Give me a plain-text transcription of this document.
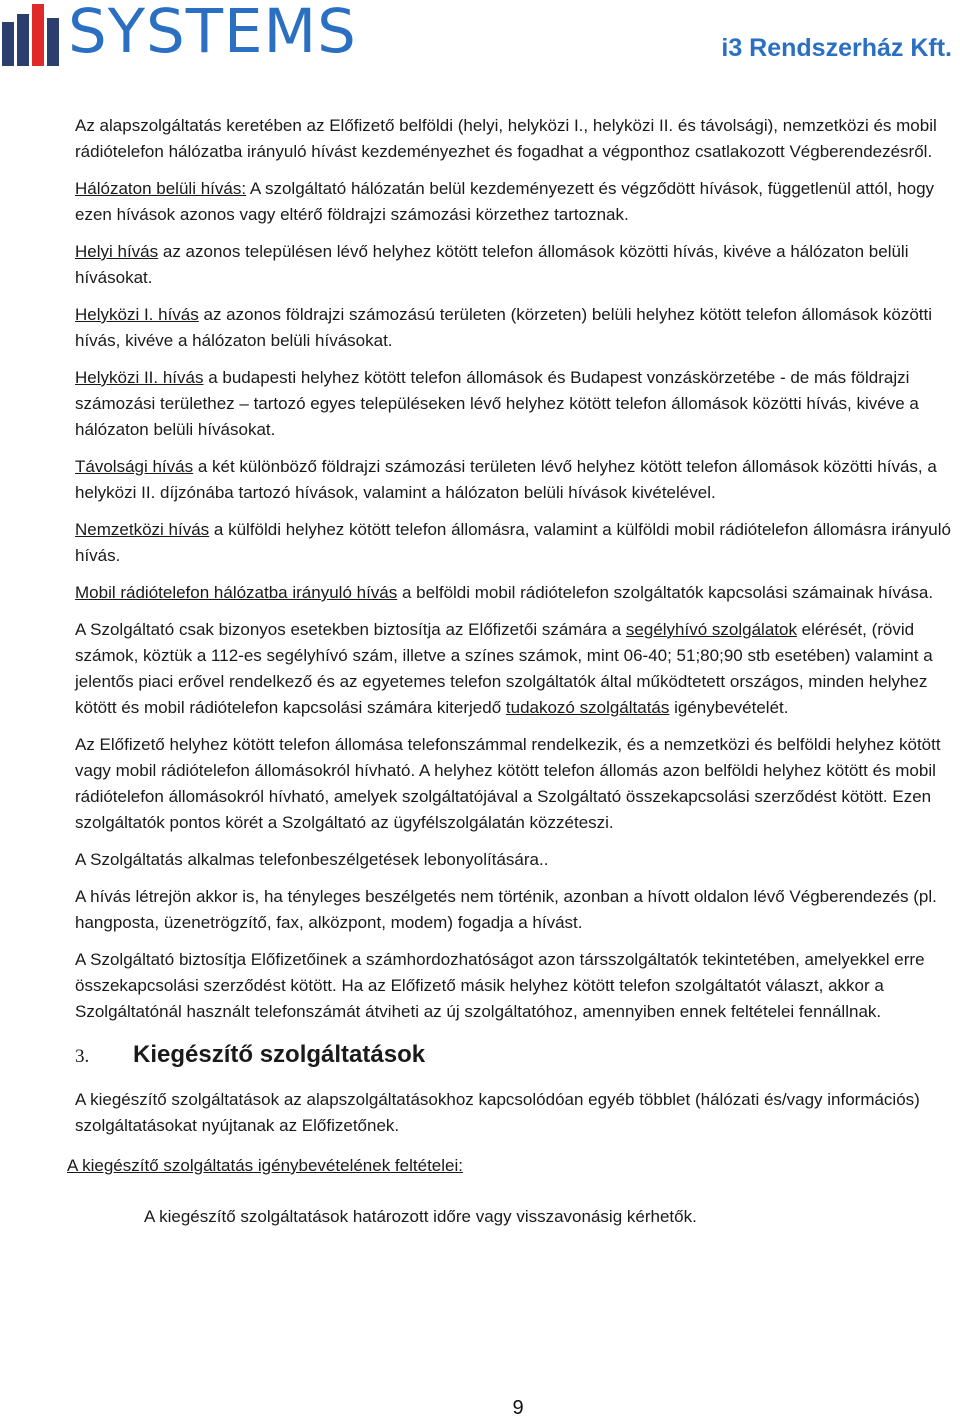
SYSTEMS	i3 Rendszerház Kft.

Az alapszolgáltatás keretében az Előfizető belföldi (helyi, helyközi I., helyközi II. és távolsági), nemzetközi és mobil rádiótelefon hálózatba irányuló hívást kezdeményezhet és fogadhat a végponthoz csatlakozott Végberendezésről.

Hálózaton belüli hívás: A szolgáltató hálózatán belül kezdeményezett és végződött hívások, függetlenül attól, hogy ezen hívások azonos vagy eltérő földrajzi számozási körzethez tartoznak.

Helyi hívás az azonos településen lévő helyhez kötött telefon állomások közötti hívás, kivéve a hálózaton belüli hívásokat.

Helyközi I. hívás az azonos földrajzi számozású területen (körzeten) belüli helyhez kötött telefon állomások közötti hívás, kivéve a hálózaton belüli hívásokat.

Helyközi II. hívás a budapesti helyhez kötött telefon állomások és Budapest vonzáskörzetébe - de más földrajzi számozási területhez – tartozó egyes településeken lévő helyhez kötött telefon állomások közötti hívás, kivéve a hálózaton belüli hívásokat.

Távolsági hívás a két különböző földrajzi számozási területen lévő helyhez kötött telefon állomások közötti hívás, a helyközi II. díjzónába tartozó hívások, valamint a hálózaton belüli hívások kivételével.

Nemzetközi hívás a külföldi helyhez kötött telefon állomásra, valamint a külföldi mobil rádiótelefon állomásra irányuló hívás.

Mobil rádiótelefon hálózatba irányuló hívás a belföldi mobil rádiótelefon szolgáltatók kapcsolási számainak hívása.

A Szolgáltató csak bizonyos esetekben biztosítja az Előfizetői számára a segélyhívó szolgálatok elérését, (rövid számok, köztük a 112-es segélyhívó szám, illetve a színes számok, mint 06-40; 51;80;90 stb esetében) valamint a jelentős piaci erővel rendelkező és az egyetemes telefon szolgáltatók által működtetett országos, minden helyhez kötött és mobil rádiótelefon kapcsolási számára kiterjedő tudakozó szolgáltatás igénybevételét.

Az Előfizető helyhez kötött telefon állomása telefonszámmal rendelkezik, és a nemzetközi és belföldi helyhez kötött vagy mobil rádiótelefon állomásokról hívható. A helyhez kötött telefon állomás azon belföldi helyhez kötött és mobil rádiótelefon állomásokról hívható, amelyek szolgáltatójával a Szolgáltató összekapcsolási szerződést kötött. Ezen szolgáltatók pontos körét a Szolgáltató az ügyfélszolgálatán közzéteszi.

A Szolgáltatás alkalmas telefonbeszélgetések lebonyolítására..

A hívás létrejön akkor is, ha tényleges beszélgetés nem történik, azonban a hívott oldalon lévő Végberendezés (pl. hangposta, üzenetrögzítő, fax, alközpont, modem) fogadja a hívást.

A Szolgáltató biztosítja Előfizetőinek a számhordozhatóságot azon társszolgáltatók tekintetében, amelyekkel erre összekapcsolási szerződést kötött. Ha az Előfizető másik helyhez kötött telefon szolgáltatót választ, akkor a Szolgáltatónál használt telefonszámát átviheti az új szolgáltatóhoz, amennyiben ennek feltételei fennállnak.

3.	Kiegészítő szolgáltatások

A kiegészítő szolgáltatások az alapszolgáltatásokhoz kapcsolódóan egyéb többlet (hálózati és/vagy információs) szolgáltatásokat nyújtanak az Előfizetőnek.

A kiegészítő szolgáltatás igénybevételének feltételei:

A kiegészítő szolgáltatások határozott időre vagy visszavonásig kérhetők.

9
